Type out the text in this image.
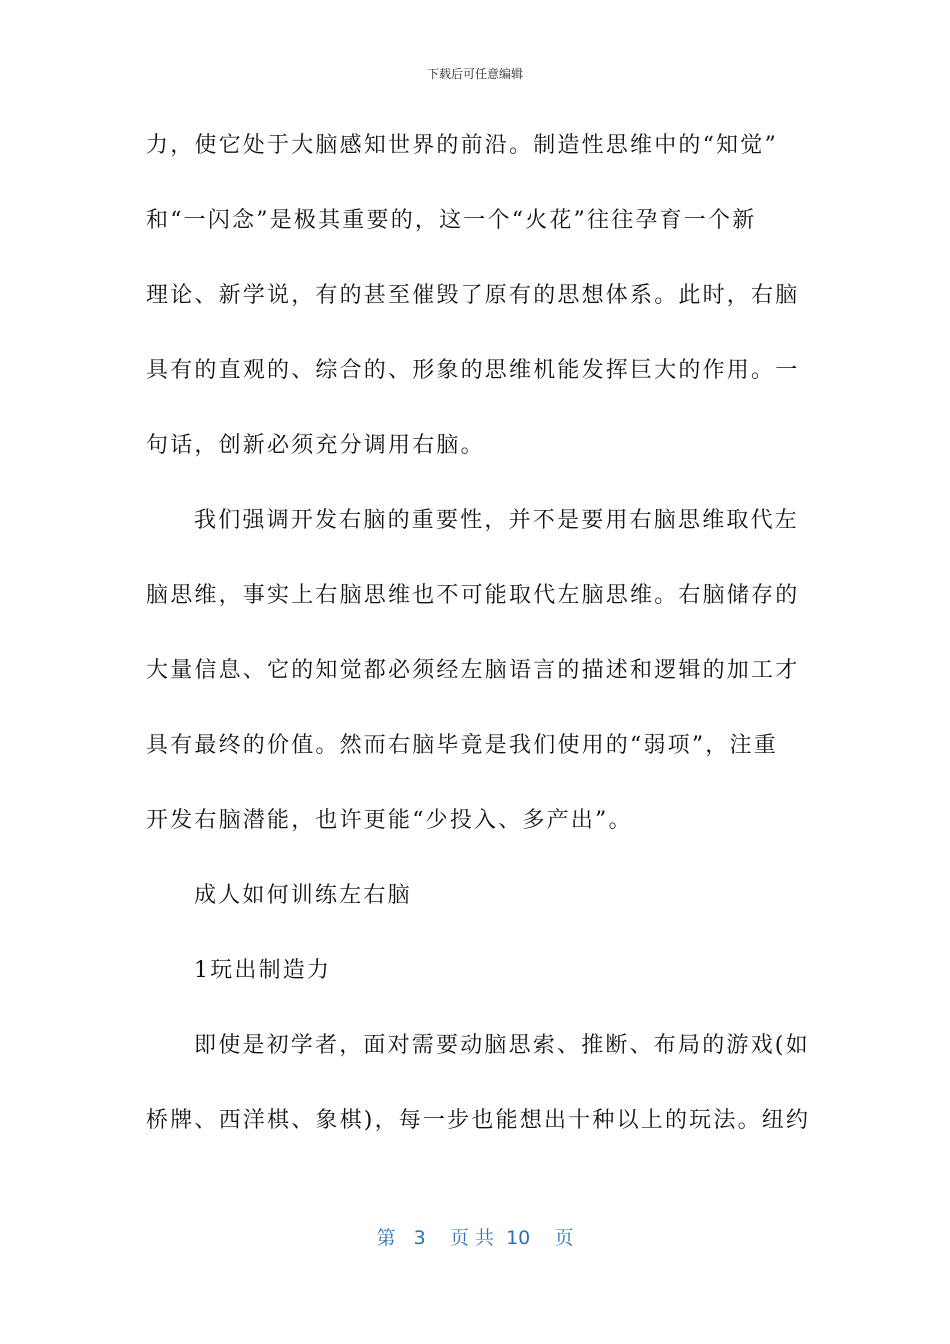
下载后可任意编辑
力，使它处于大脑感知世界的前沿。制造性思维中的“知觉”
和“一闪念”是极其重要的，这一个“火花”往往孕育一个新
理论、新学说，有的甚至催毁了原有的思想体系。此时，右脑
具有的直观的、综合的、形象的思维机能发挥巨大的作用。一
句话，创新必须充分调用右脑。
我们强调开发右脑的重要性，并不是要用右脑思维取代左
脑思维，事实上右脑思维也不可能取代左脑思维。右脑储存的
大量信息、它的知觉都必须经左脑语言的描述和逻辑的加工才
具有最终的价值。然而右脑毕竟是我们使用的“弱项”，注重
开发右脑潜能，也许更能“少投入、多产出”。
成人如何训练左右脑
1玩出制造力
即使是初学者，面对需要动脑思索、推断、布局的游戏(如
桥牌、西洋棋、象棋)，每一步也能想出十种以上的玩法。纽约
第 3 页 共 10 页
